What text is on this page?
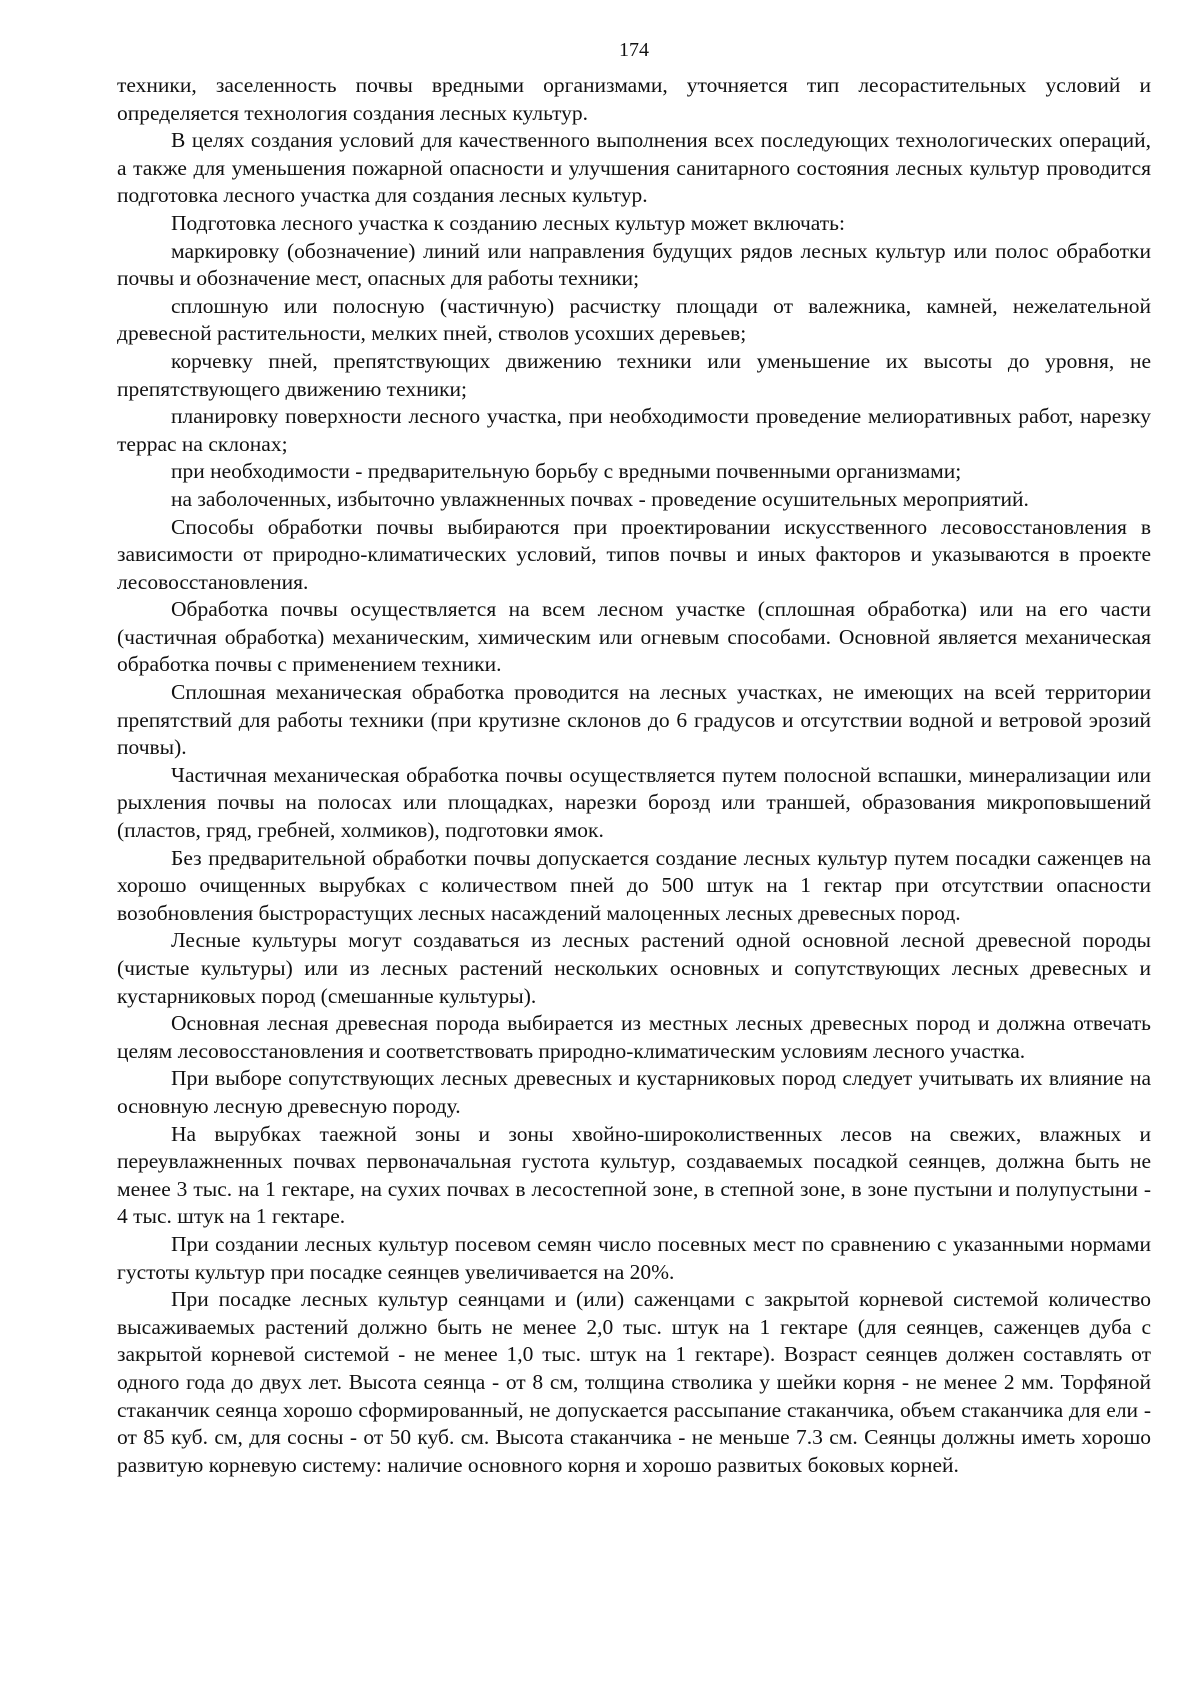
174

техники, заселенность почвы вредными организмами, уточняется тип лесорастительных условий и определяется технология создания лесных культур.

В целях создания условий для качественного выполнения всех последующих технологических операций, а также для уменьшения пожарной опасности и улучшения санитарного состояния лесных культур проводится подготовка лесного участка для создания лесных культур.

Подготовка лесного участка к созданию лесных культур может включать:

маркировку (обозначение) линий или направления будущих рядов лесных культур или полос обработки почвы и обозначение мест, опасных для работы техники;

сплошную или полосную (частичную) расчистку площади от валежника, камней, нежелательной древесной растительности, мелких пней, стволов усохших деревьев;

корчевку пней, препятствующих движению техники или уменьшение их высоты до уровня, не препятствующего движению техники;

планировку поверхности лесного участка, при необходимости проведение мелиоративных работ, нарезку террас на склонах;

при необходимости - предварительную борьбу с вредными почвенными организмами;

на заболоченных, избыточно увлажненных почвах - проведение осушительных мероприятий.

Способы обработки почвы выбираются при проектировании искусственного лесовосстановления в зависимости от природно-климатических условий, типов почвы и иных факторов и указываются в проекте лесовосстановления.

Обработка почвы осуществляется на всем лесном участке (сплошная обработка) или на его части (частичная обработка) механическим, химическим или огневым способами. Основной является механическая обработка почвы с применением техники.

Сплошная механическая обработка проводится на лесных участках, не имеющих на всей территории препятствий для работы техники (при крутизне склонов до 6 градусов и отсутствии водной и ветровой эрозий почвы).

Частичная механическая обработка почвы осуществляется путем полосной вспашки, минерализации или рыхления почвы на полосах или площадках, нарезки борозд или траншей, образования микроповышений (пластов, гряд, гребней, холмиков), подготовки ямок.

Без предварительной обработки почвы допускается создание лесных культур путем посадки саженцев на хорошо очищенных вырубках с количеством пней до 500 штук на 1 гектар при отсутствии опасности возобновления быстрорастущих лесных насаждений малоценных лесных древесных пород.

Лесные культуры могут создаваться из лесных растений одной основной лесной древесной породы (чистые культуры) или из лесных растений нескольких основных и сопутствующих лесных древесных и кустарниковых пород (смешанные культуры).

Основная лесная древесная порода выбирается из местных лесных древесных пород и должна отвечать целям лесовосстановления и соответствовать природно-климатическим условиям лесного участка.

При выборе сопутствующих лесных древесных и кустарниковых пород следует учитывать их влияние на основную лесную древесную породу.

На вырубках таежной зоны и зоны хвойно-широколиственных лесов на свежих, влажных и переувлажненных почвах первоначальная густота культур, создаваемых посадкой сеянцев, должна быть не менее 3 тыс. на 1 гектаре, на сухих почвах в лесостепной зоне, в степной зоне, в зоне пустыни и полупустыни - 4 тыс. штук на 1 гектаре.

При создании лесных культур посевом семян число посевных мест по сравнению с указанными нормами густоты культур при посадке сеянцев увеличивается на 20%.

При посадке лесных культур сеянцами и (или) саженцами с закрытой корневой системой количество высаживаемых растений должно быть не менее 2,0 тыс. штук на 1 гектаре (для сеянцев, саженцев дуба с закрытой корневой системой - не менее 1,0 тыс. штук на 1 гектаре). Возраст сеянцев должен составлять от одного года до двух лет. Высота сеянца - от 8 см, толщина стволика у шейки корня - не менее 2 мм. Торфяной стаканчик сеянца хорошо сформированный, не допускается рассыпание стаканчика, объем стаканчика для ели - от 85 куб. см, для сосны - от 50 куб. см. Высота стаканчика - не меньше 7.3 см. Сеянцы должны иметь хорошо развитую корневую систему: наличие основного корня и хорошо развитых боковых корней.
